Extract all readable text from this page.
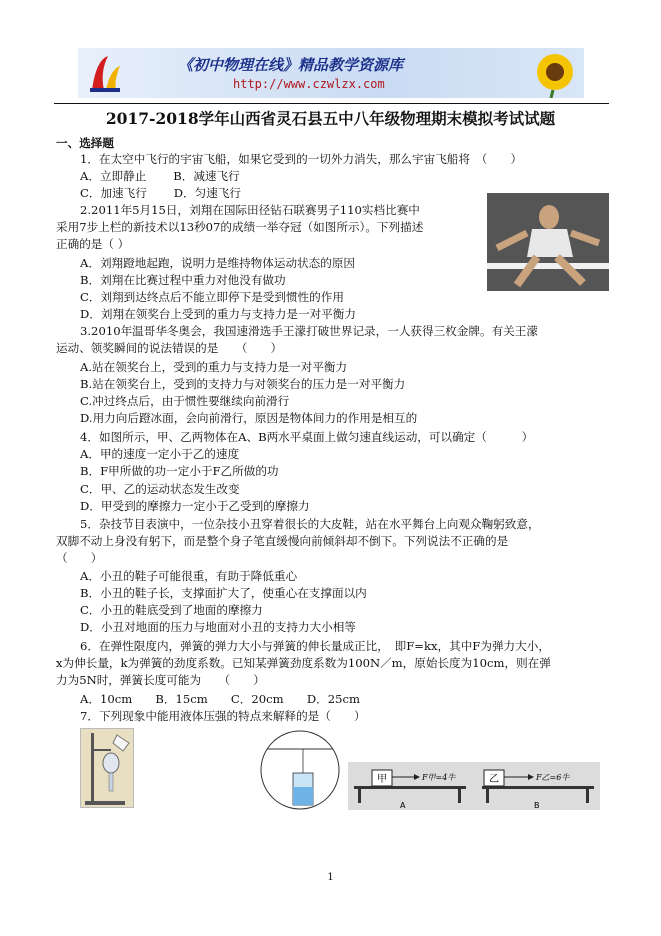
《初中物理在线》精品教学资源库
http://www.czwlzx.com
2017-2018学年山西省灵石县五中八年级物理期末模拟考试试题
一、选择题
1．在太空中飞行的宇宙飞船，如果它受到的一切外力消失，那么宇宙飞船将　（　　）
A．立即静止　　 B．减速飞行
C．加速飞行　　 D．匀速飞行
2.2011年5月15日，刘翔在国际田径钻石联赛男子110实档比赛中
采用7步上栏的新技术以13秒07的成绩一举夺冠（如图所示）。下列描述
正确的是（ ）
A．刘翔蹬地起跑，说明力是维持物体运动状态的原因
B．刘翔在比赛过程中重力对他没有做功
C．刘翔到达终点后不能立即停下是受到惯性的作用
D．刘翔在领奖台上受到的重力与支持力是一对平衡力
3.2010年温哥华冬奥会，我国速滑选手王濛打破世界记录，一人获得三枚金牌。有关王濛
运动、领奖瞬间的说法错误的是　　（　　）
A.站在领奖台上，受到的重力与支持力是一对平衡力
B.站在领奖台上，受到的支持力与对领奖台的压力是一对平衡力
C.冲过终点后，由于惯性要继续向前滑行
D.用力向后蹬冰面，会向前滑行，原因是物体间力的作用是相互的
4．如图所示，甲、乙两物体在A、B两水平桌面上做匀速直线运动，可以确定（　　　）
A．甲的速度一定小于乙的速度
B．F甲所做的功一定小于F乙所做的功
C．甲、乙的运动状态发生改变
D．甲受到的摩擦力一定小于乙受到的摩擦力
5．杂技节目表演中，一位杂技小丑穿着很长的大皮鞋，站在水平舞台上向观众鞠躬致意，
双脚不动上身没有躬下，而是整个身子笔直缓慢向前倾斜却不倒下。下列说法不正确的是
（　　）
A．小丑的鞋子可能很重，有助于降低重心
B．小丑的鞋子长，支撑面扩大了，使重心在支撑面以内
C．小丑的鞋底受到了地面的摩擦力
D．小丑对地面的压力与地面对小丑的支持力大小相等
6．在弹性限度内，弹簧的弹力大小与弹簧的伸长量成正比，　即F=kx，其中F为弹力大小，
x为伸长量，k为弹簧的劲度系数。已知某弹簧劲度系数为100N／m，原始长度为10cm，则在弹
力为5N时，弹簧长度可能为　　（　　）
A．10cm　　B．15cm　　C．20cm　　D．25cm
7．下列现象中能用液体压强的特点来解释的是（　　）
甲	F甲=4牛
A
乙	F乙=6牛
B
1
